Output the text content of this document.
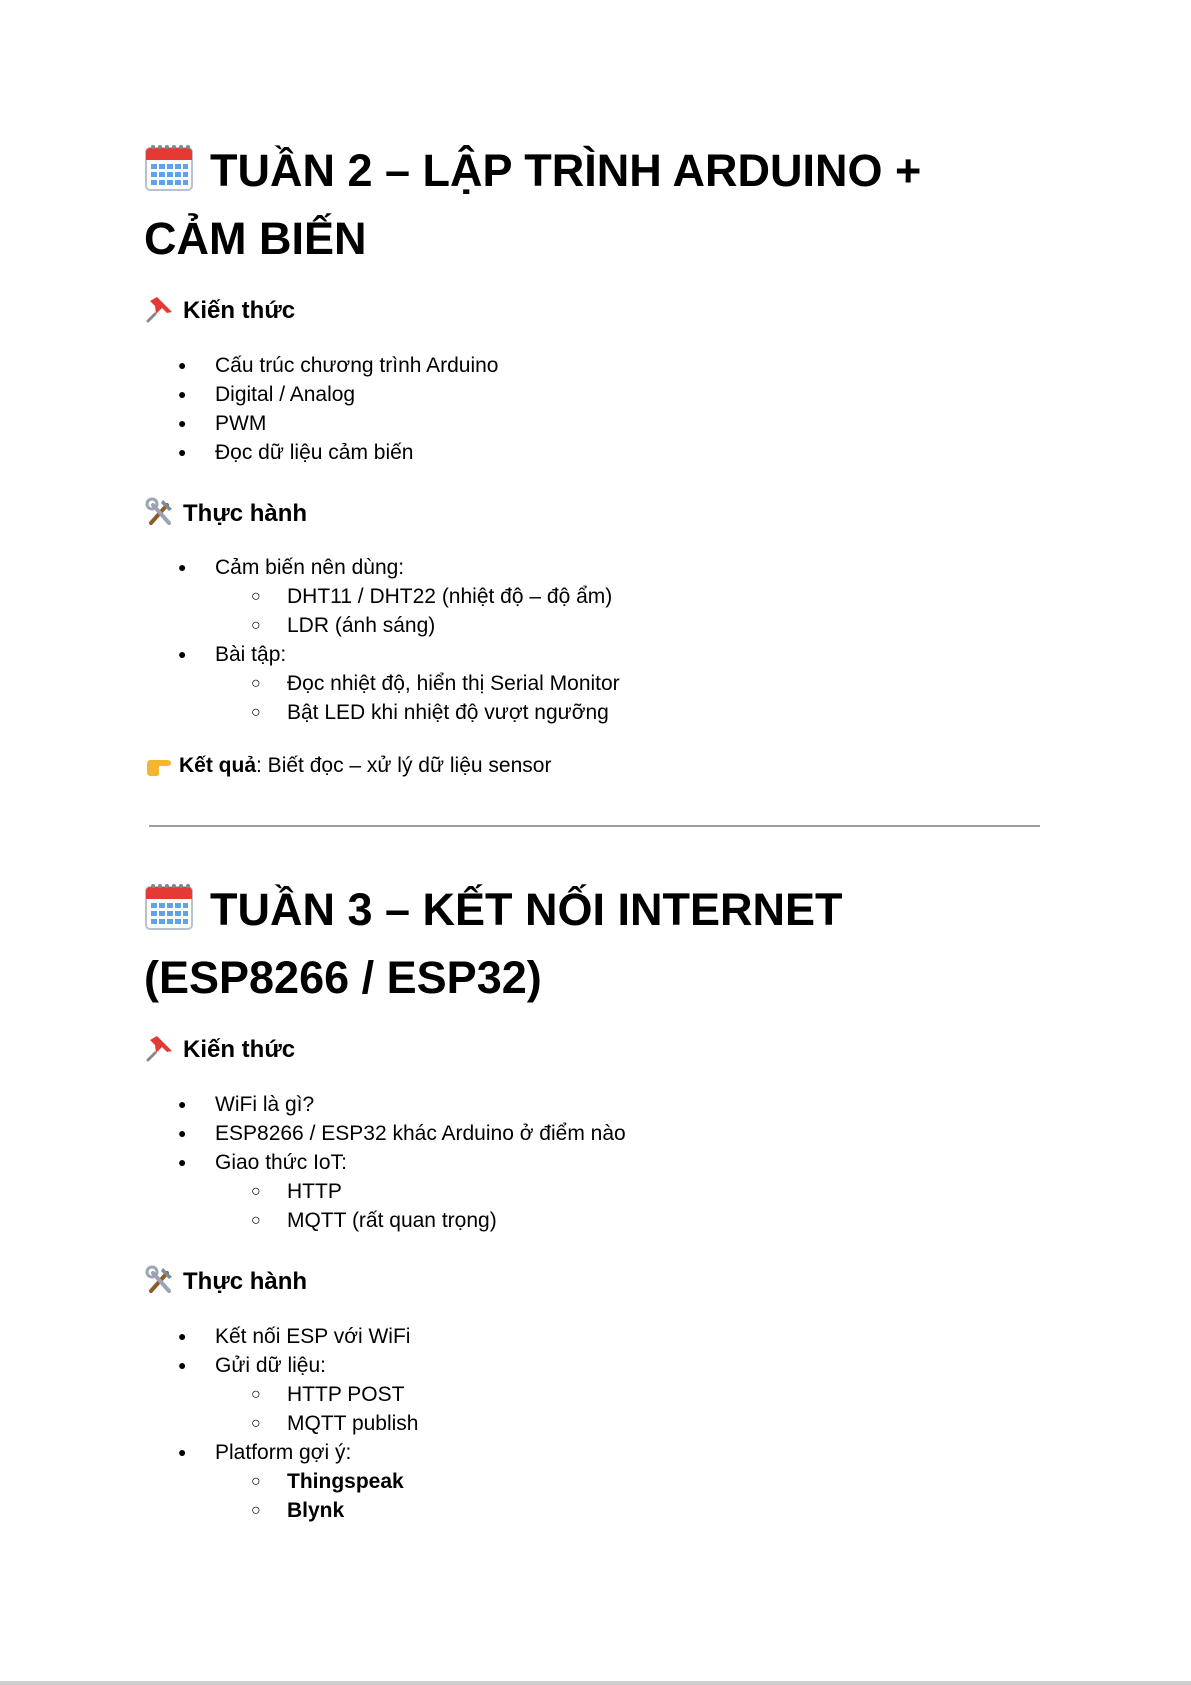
TUẦN 2 – LẬP TRÌNH ARDUINO +
CẢM BIẾN
Kiến thức
● Cấu trúc chương trình Arduino
● Digital / Analog
● PWM
● Đọc dữ liệu cảm biến
Thực hành
● Cảm biến nên dùng:
○ DHT11 / DHT22 (nhiệt độ – độ ẩm)
○ LDR (ánh sáng)
● Bài tập:
○ Đọc nhiệt độ, hiển thị Serial Monitor
○ Bật LED khi nhiệt độ vượt ngưỡng
Kết quả: Biết đọc – xử lý dữ liệu sensor
TUẦN 3 – KẾT NỐI INTERNET
(ESP8266 / ESP32)
Kiến thức
● WiFi là gì?
● ESP8266 / ESP32 khác Arduino ở điểm nào
● Giao thức IoT:
○ HTTP
○ MQTT (rất quan trọng)
Thực hành
● Kết nối ESP với WiFi
● Gửi dữ liệu:
○ HTTP POST
○ MQTT publish
● Platform gợi ý:
○ Thingspeak
○ Blynk
